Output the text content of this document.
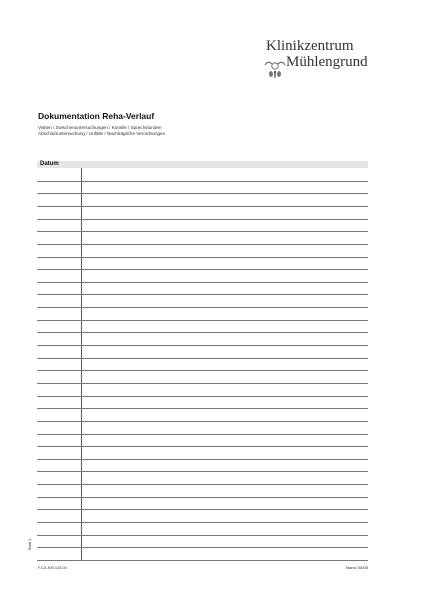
Klinikzentrum
Mühlengrund
Dokumentation Reha-Verlauf
Visiten / Zwischenuntersuchungen / Konsile / Sprechstunden
Abschlußuntersuchung / Unfälle / Nachträgliche Verordnungen
Datum
Blatt 1
F.CA.KM.115.00	Stand: 08/08
